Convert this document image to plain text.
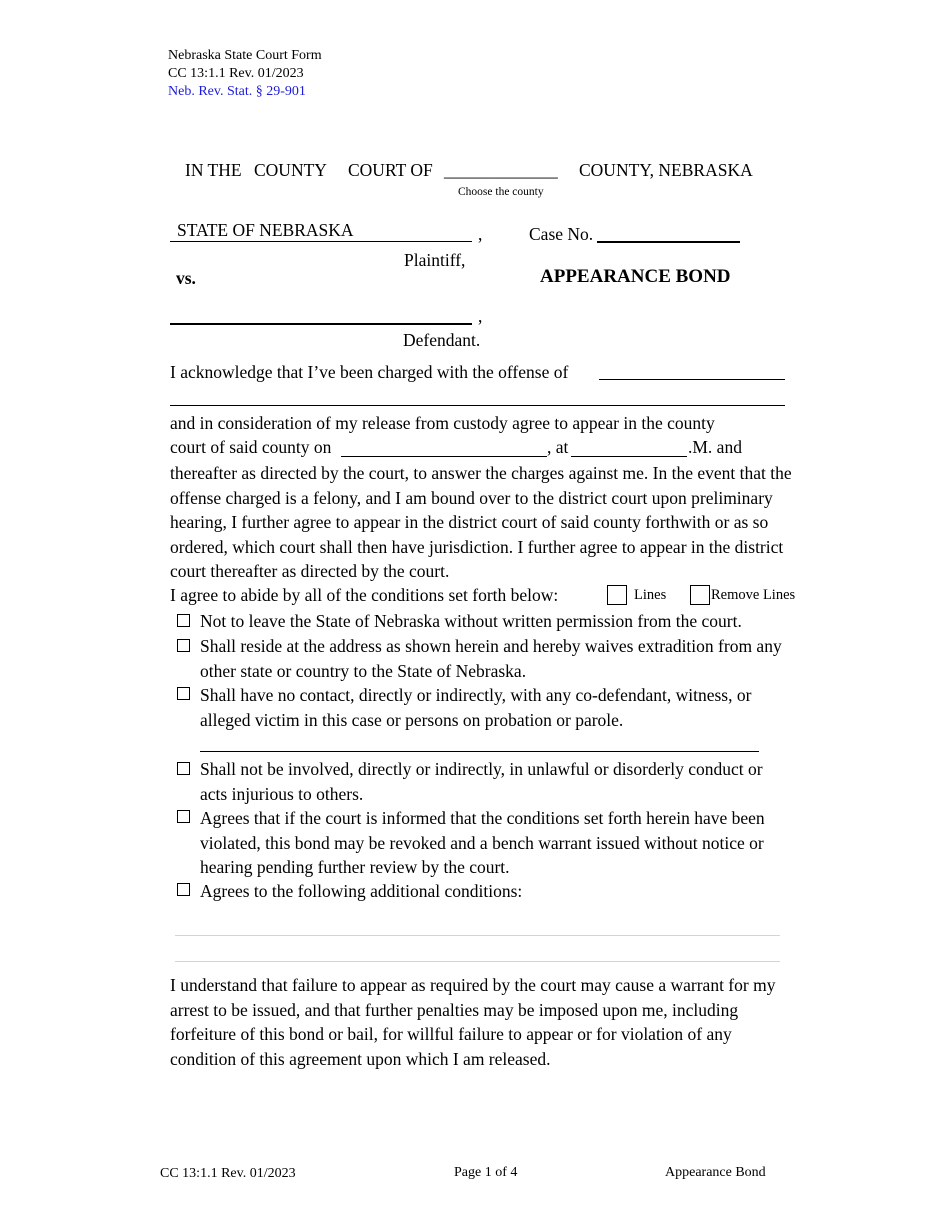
Nebraska State Court Form
CC 13:1.1 Rev. 01/2023
Neb. Rev. Stat. § 29-901
IN THE COUNTY COURT OF _____________ COUNTY, NEBRASKA
Choose the county
STATE OF NEBRASKA	,
Plaintiff,
vs.
Case No.
APPEARANCE BOND
,
Defendant.
I acknowledge that I’ve been charged with the offense of
and in consideration of my release from custody agree to appear in the county
court of said county on	, at	.M. and
thereafter as directed by the court, to answer the charges against me. In the event that the offense charged is a felony, and I am bound over to the district court upon preliminary hearing, I further agree to appear in the district court of said county forthwith or as so ordered, which court shall then have jurisdiction. I further agree to appear in the district court thereafter as directed by the court.
I agree to abide by all of the conditions set forth below:	Lines	Remove Lines
Not to leave the State of Nebraska without written permission from the court.
Shall reside at the address as shown herein and hereby waives extradition from any other state or country to the State of Nebraska.
Shall have no contact, directly or indirectly, with any co-defendant, witness, or alleged victim in this case or persons on probation or parole.
Shall not be involved, directly or indirectly, in unlawful or disorderly conduct or acts injurious to others.
Agrees that if the court is informed that the conditions set forth herein have been violated, this bond may be revoked and a bench warrant issued without notice or hearing pending further review by the court.
Agrees to the following additional conditions:
I understand that failure to appear as required by the court may cause a warrant for my arrest to be issued, and that further penalties may be imposed upon me, including forfeiture of this bond or bail, for willful failure to appear or for violation of any condition of this agreement upon which I am released.
CC 13:1.1 Rev. 01/2023	Page 1 of 4	Appearance Bond
